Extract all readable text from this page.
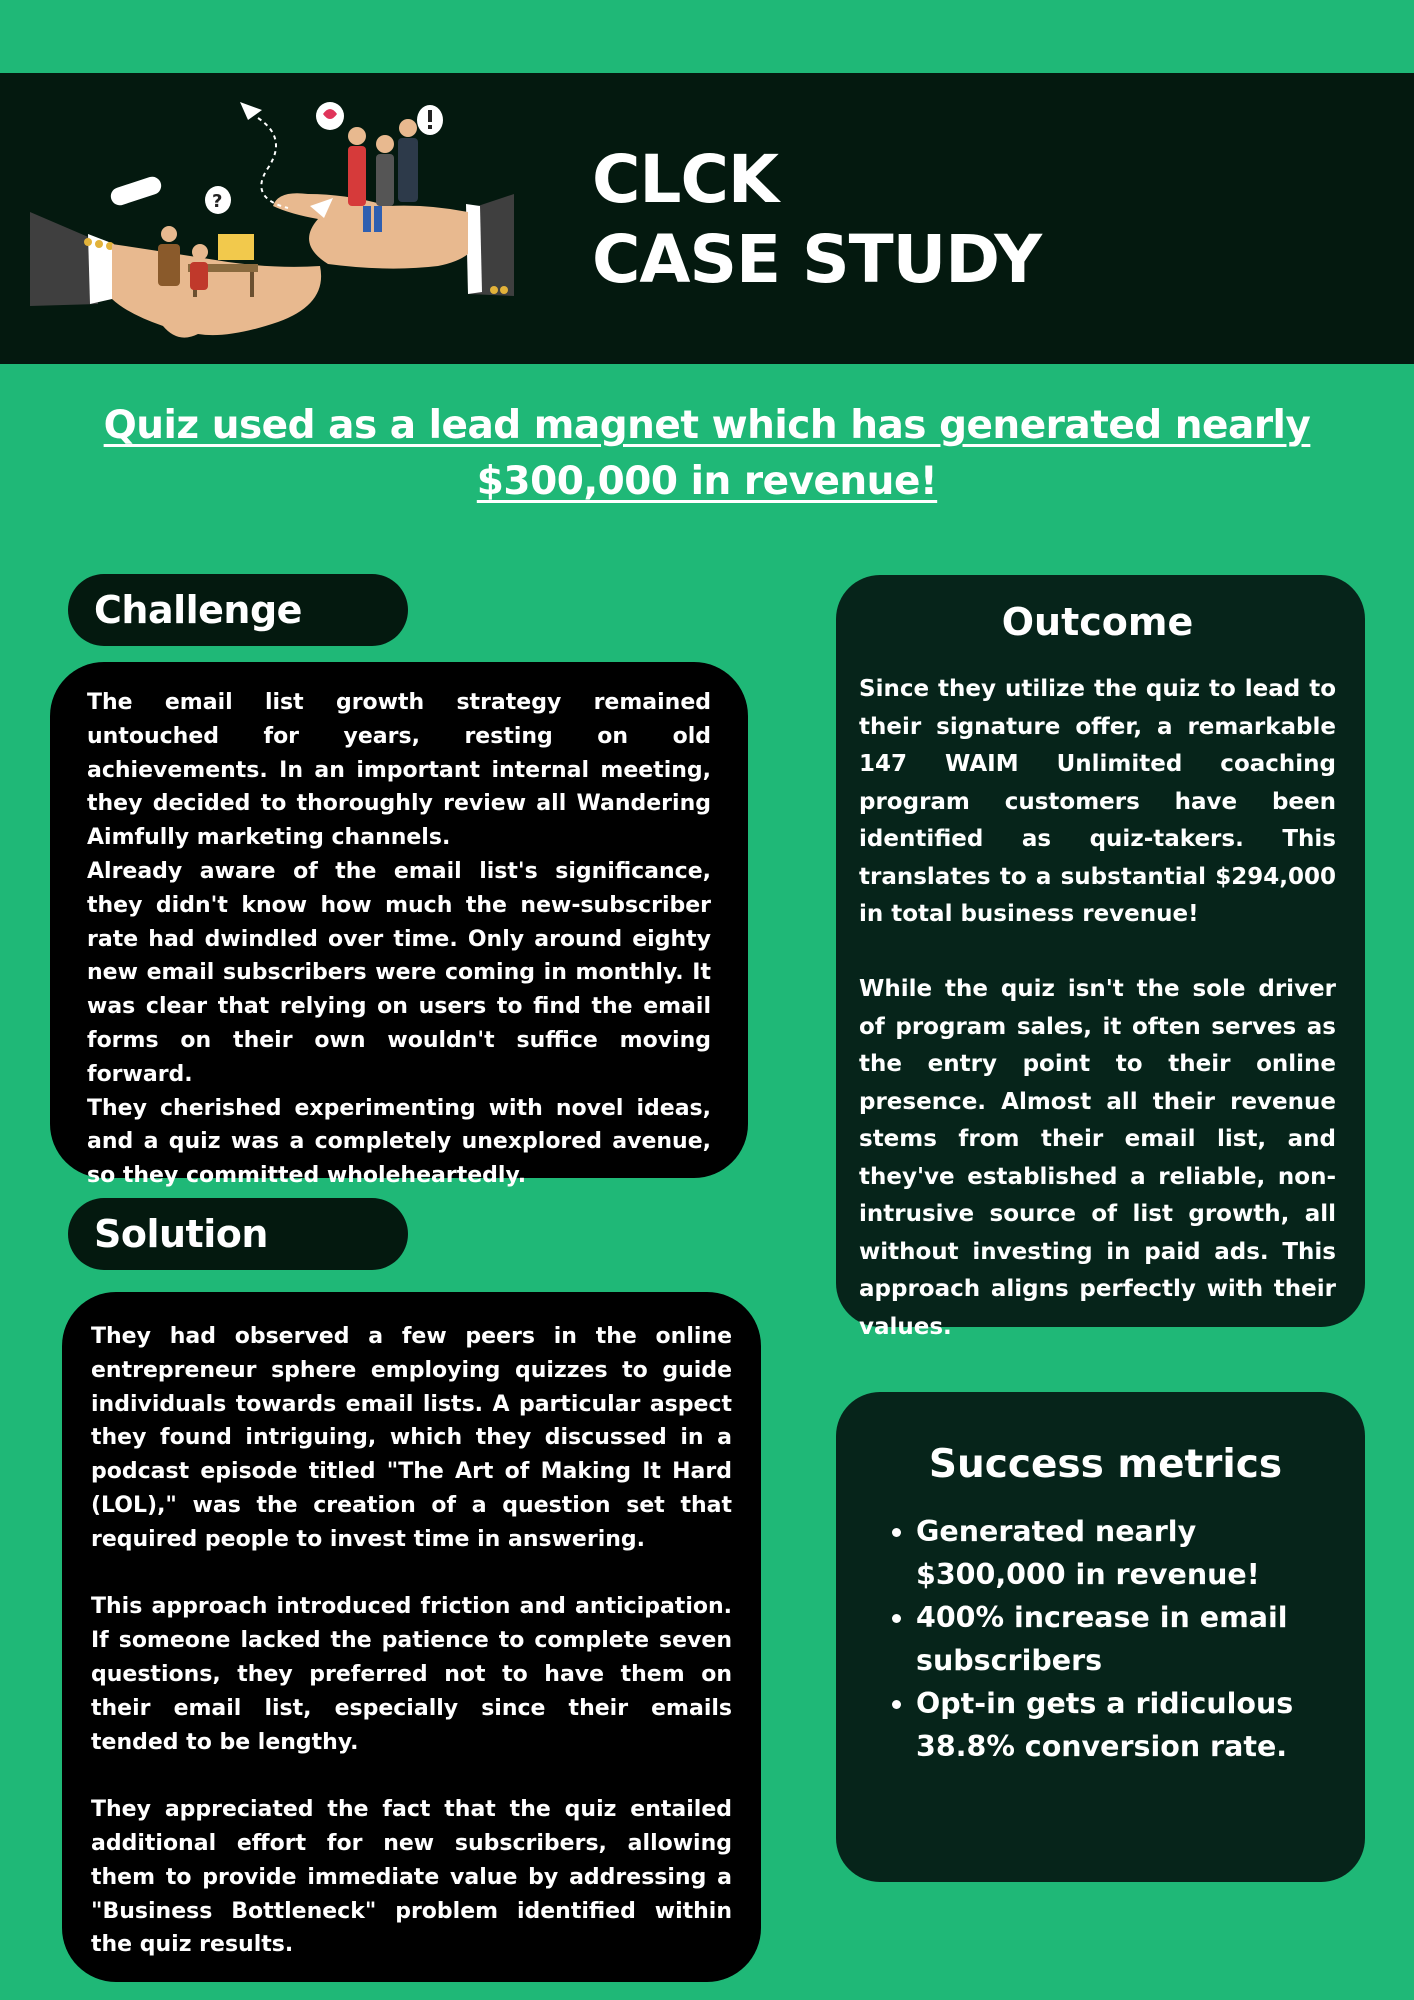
?	CLCK
CASE STUDY
Quiz used as a lead magnet which has generated nearly $300,000 in revenue!
Challenge

The email list growth strategy remained untouched for years, resting on old achievements. In an important internal meeting, they decided to thoroughly review all Wandering Aimfully marketing channels.

Already aware of the email list's significance, they didn't know how much the new-subscriber rate had dwindled over time. Only around eighty new email subscribers were coming in monthly. It was clear that relying on users to find the email forms on their own wouldn't suffice moving forward.

They cherished experimenting with novel ideas, and a quiz was a completely unexplored avenue, so they committed wholeheartedly.

Solution

They had observed a few peers in the online entrepreneur sphere employing quizzes to guide individuals towards email lists. A particular aspect they found intriguing, which they discussed in a podcast episode titled "The Art of Making It Hard (LOL)," was the creation of a question set that required people to invest time in answering.

This approach introduced friction and anticipation. If someone lacked the patience to complete seven questions, they preferred not to have them on their email list, especially since their emails tended to be lengthy.

They appreciated the fact that the quiz entailed additional effort for new subscribers, allowing them to provide immediate value by addressing a "Business Bottleneck" problem identified within the quiz results.

Outcome

Since they utilize the quiz to lead to their signature offer, a remarkable 147 WAIM Unlimited coaching program customers have been identified as quiz-takers. This translates to a substantial $294,000 in total business revenue!

While the quiz isn't the sole driver of program sales, it often serves as the entry point to their online presence. Almost all their revenue stems from their email list, and they've established a reliable, non-intrusive source of list growth, all without investing in paid ads. This approach aligns perfectly with their values.

Success metrics
• Generated nearly $300,000 in revenue!
• 400% increase in email subscribers
• Opt-in gets a ridiculous 38.8% conversion rate.
